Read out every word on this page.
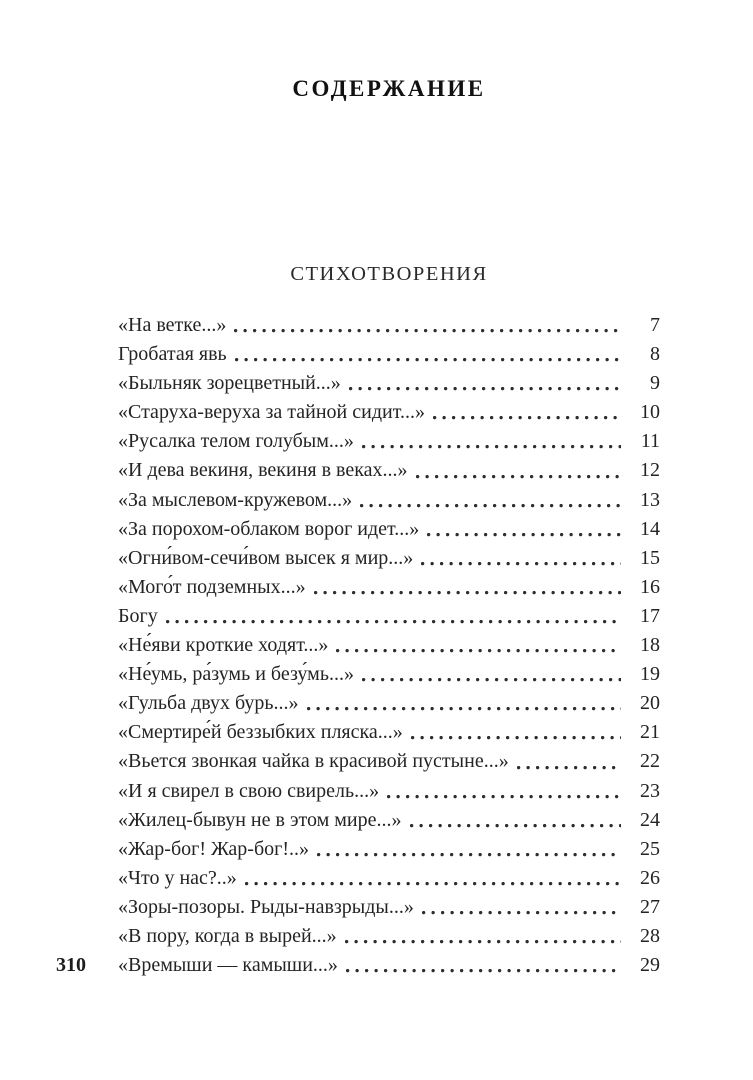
СОДЕРЖАНИЕ
СТИХОТВОРЕНИЯ
«На ветке...»	7
Гробатая явь	8
«Быльняк зорецветный...»	9
«Старуха-веруха за тайной сидит...»	10
«Русалка телом голубым...»	11
«И дева векиня, векиня в веках...»	12
«За мыслевом-кружевом...»	13
«За порохом-облаком ворог идет...»	14
«Огни́вом-сечи́вом высек я мир...»	15
«Мого́т подземных...»	16
Богу	17
«Не́яви кроткие ходят...»	18
«Не́умь, ра́зумь и безу́мь...»	19
«Гульба двух бурь...»	20
«Смертире́й беззыбких пляска...»	21
«Вьется звонкая чайка в красивой пустыне...»	22
«И я свирел в свою свирель...»	23
«Жилец-бывун не в этом мире...»	24
«Жар-бог! Жар-бог!..»	25
«Что у нас?..»	26
«Зоры-позоры. Рыды-навзрыды...»	27
«В пору, когда в вырей...»	28
«Времыши — камыши...»	29
310
